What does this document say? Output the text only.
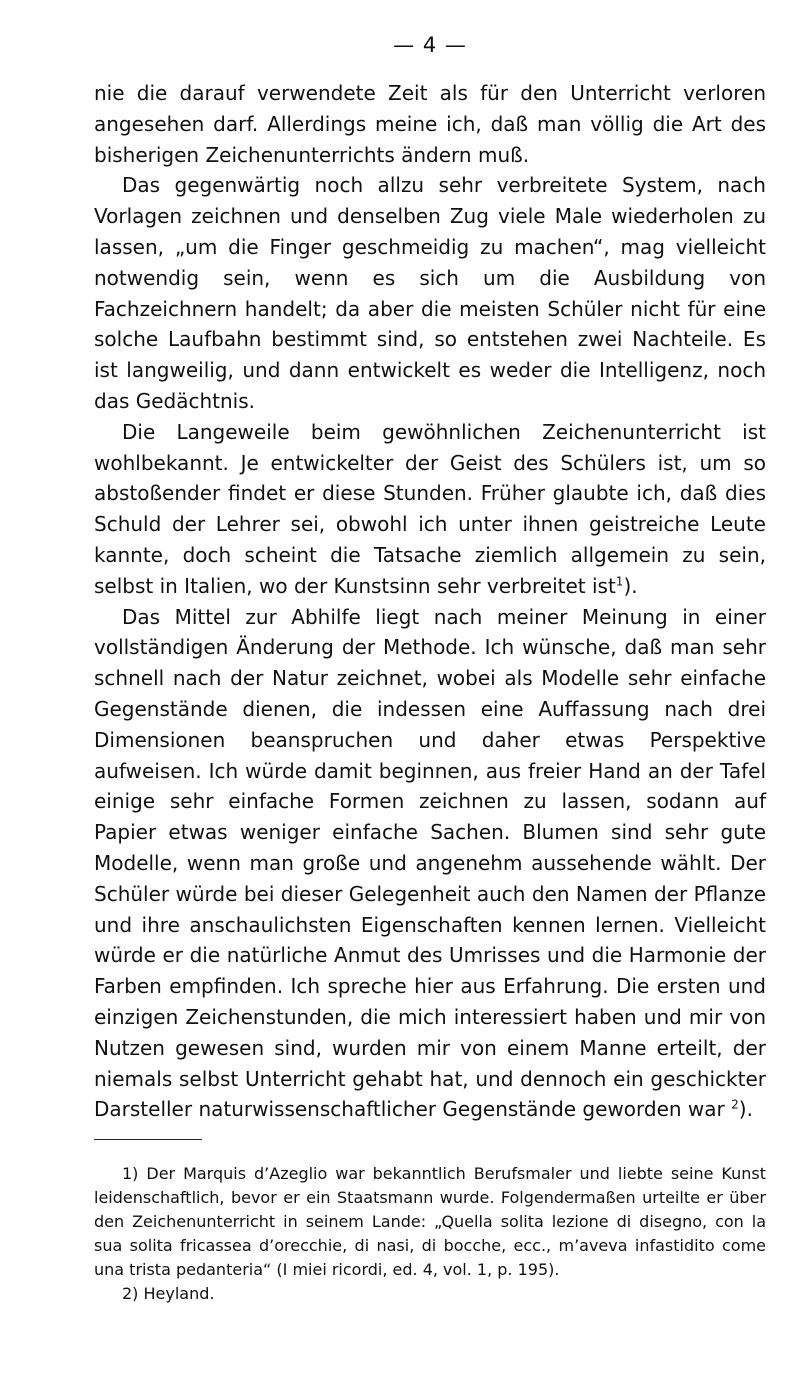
— 4 —

nie die darauf verwendete Zeit als für den Unterricht verloren angesehen darf. Allerdings meine ich, daß man völlig die Art des bisherigen Zeichenunterrichts ändern muß.

Das gegenwärtig noch allzu sehr verbreitete System, nach Vorlagen zeichnen und denselben Zug viele Male wiederholen zu lassen, „um die Finger geschmeidig zu machen“, mag vielleicht notwendig sein, wenn es sich um die Ausbildung von Fachzeichnern handelt; da aber die meisten Schüler nicht für eine solche Laufbahn bestimmt sind, so entstehen zwei Nachteile. Es ist langweilig, und dann entwickelt es weder die Intelligenz, noch das Gedächtnis.

Die Langeweile beim gewöhnlichen Zeichenunterricht ist wohlbekannt. Je entwickelter der Geist des Schülers ist, um so abstoßender findet er diese Stunden. Früher glaubte ich, daß dies Schuld der Lehrer sei, obwohl ich unter ihnen geistreiche Leute kannte, doch scheint die Tatsache ziemlich allgemein zu sein, selbst in Italien, wo der Kunstsinn sehr verbreitet ist$^1$).

Das Mittel zur Abhilfe liegt nach meiner Meinung in einer vollständigen Änderung der Methode. Ich wünsche, daß man sehr schnell nach der Natur zeichnet, wobei als Modelle sehr einfache Gegenstände dienen, die indessen eine Auffassung nach drei Dimensionen beanspruchen und daher etwas Perspektive aufweisen. Ich würde damit beginnen, aus freier Hand an der Tafel einige sehr einfache Formen zeichnen zu lassen, sodann auf Papier etwas weniger einfache Sachen. Blumen sind sehr gute Modelle, wenn man große und angenehm aussehende wählt. Der Schüler würde bei dieser Gelegenheit auch den Namen der Pflanze und ihre anschaulichsten Eigenschaften kennen lernen. Vielleicht würde er die natürliche Anmut des Umrisses und die Harmonie der Farben empfinden. Ich spreche hier aus Erfahrung. Die ersten und einzigen Zeichenstunden, die mich interessiert haben und mir von Nutzen gewesen sind, wurden mir von einem Manne erteilt, der niemals selbst Unterricht gehabt hat, und dennoch ein geschickter Darsteller naturwissenschaftlicher Gegenstände geworden war $^2$).

1) Der Marquis d’Azeglio war bekanntlich Berufsmaler und liebte seine Kunst leidenschaftlich, bevor er ein Staatsmann wurde. Folgendermaßen urteilte er über den Zeichenunterricht in seinem Lande: „Quella solita lezione di disegno, con la sua solita fricassea d’orecchie, di nasi, di bocche, ecc., m’aveva infastidito come una trista pedanteria“ (I miei ricordi, ed. 4, vol. 1, p. 195).

2) Heyland.
